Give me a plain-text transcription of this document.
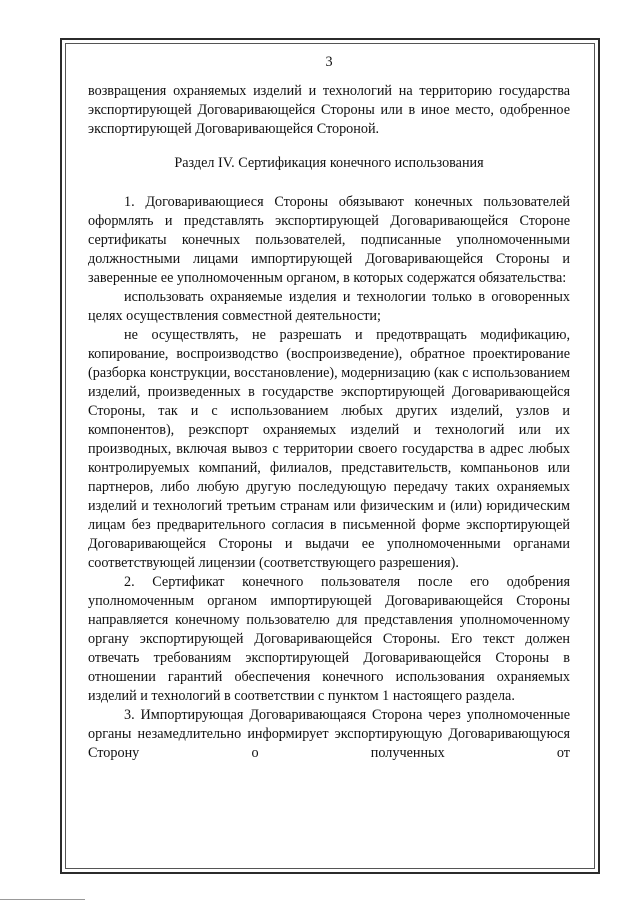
3

возвращения охраняемых изделий и технологий на территорию государства экспортирующей Договаривающейся Стороны или в иное место, одобренное экспортирующей Договаривающейся Стороной.

Раздел IV. Сертификация конечного использования

1. Договаривающиеся Стороны обязывают конечных пользователей оформлять и представлять экспортирующей Договаривающейся Стороне сертификаты конечных пользователей, подписанные уполномоченными должностными лицами импортирующей Договаривающейся Стороны и заверенные ее уполномоченным органом, в которых содержатся обязательства:

использовать охраняемые изделия и технологии только в оговоренных целях осуществления совместной деятельности;

не осуществлять, не разрешать и предотвращать модификацию, копирование, воспроизводство (воспроизведение), обратное проектирование (разборка конструкции, восстановление), модернизацию (как с использованием изделий, произведенных в государстве экспортирующей Договаривающейся Стороны, так и с использованием любых других изделий, узлов и компонентов), реэкспорт охраняемых изделий и технологий или их производных, включая вывоз с территории своего государства в адрес любых контролируемых компаний, филиалов, представительств, компаньонов или партнеров, либо любую другую последующую передачу таких охраняемых изделий и технологий третьим странам или физическим и (или) юридическим лицам без предварительного согласия в письменной форме экспортирующей Договаривающейся Стороны и выдачи ее уполномоченными органами соответствующей лицензии (соответствующего разрешения).

2. Сертификат конечного пользователя после его одобрения уполномоченным органом импортирующей Договаривающейся Стороны направляется конечному пользователю для представления уполномоченному органу экспортирующей Договаривающейся Стороны. Его текст должен отвечать требованиям экспортирующей Договаривающейся Стороны в отношении гарантий обеспечения конечного использования охраняемых изделий и технологий в соответствии с пунктом 1 настоящего раздела.

3. Импортирующая Договаривающаяся Сторона через уполномоченные органы незамедлительно информирует экспортирующую Договаривающуюся Сторону о полученных от
